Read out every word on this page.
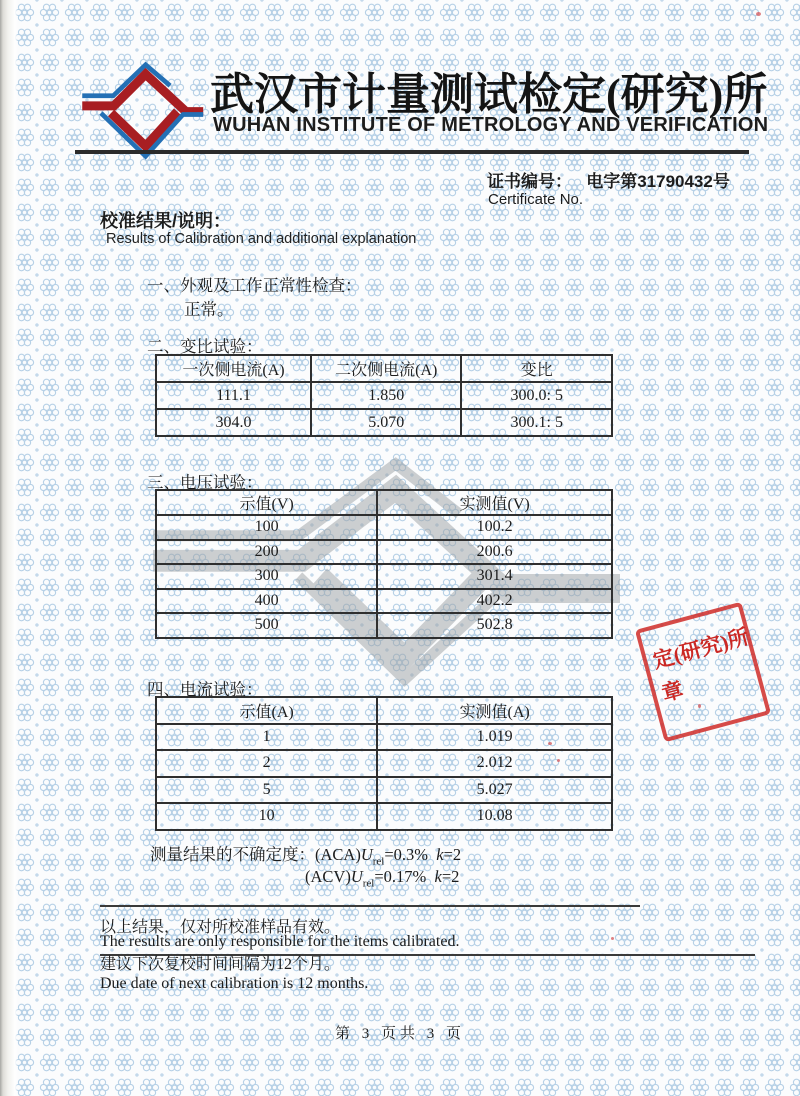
武汉市计量测试检定(研究)所
WUHAN INSTITUTE OF METROLOGY AND VERIFICATION
证书编号： 电字第31790432号
Certificate No.
校准结果/说明：
Results of Calibration and additional explanation
一、外观及工作正常性检查：
正常。
二、变比试验：
一次侧电流(A)	二次侧电流(A)	变比
111.1	1.850	300.0: 5
304.0	5.070	300.1: 5
三、电压试验：
示值(V)	实测值(V)
100	100.2
200	200.6
300	301.4
400	402.2
500	502.8
四、电流试验：
示值(A)	实测值(A)
1	1.019
2	2.012
5	5.027
10	10.08
测量结果的不确定度：$(ACA)U_{rel}=0.3\%$ k=2
$(ACV)U_{rel}=0.17\%$ k=2
以上结果，仅对所校准样品有效。
The results are only responsible for the items calibrated.
建议下次复校时间间隔为12个月。
Due date of next calibration is 12 months.
第 3 页共 3 页
定(研究)所
章
